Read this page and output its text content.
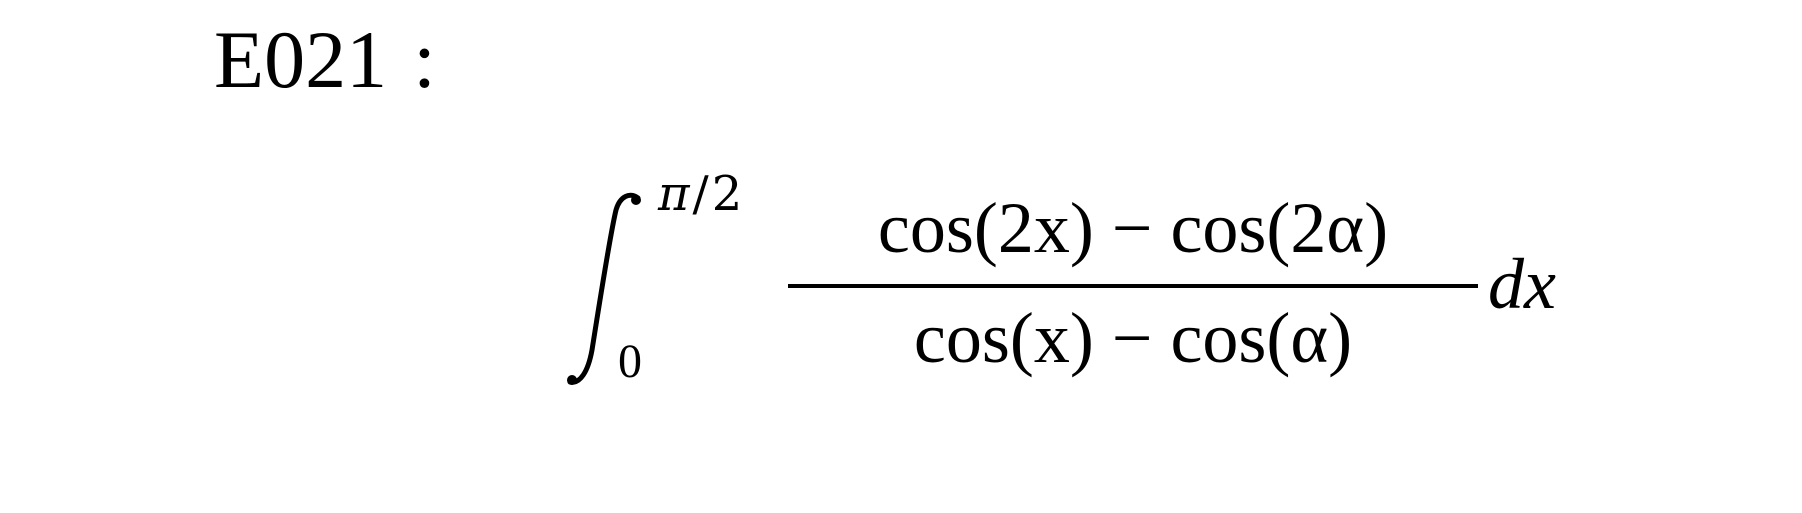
E021 :
π/2
0
cos(2x) − cos(2α)
cos(x) − cos(α)
dx
